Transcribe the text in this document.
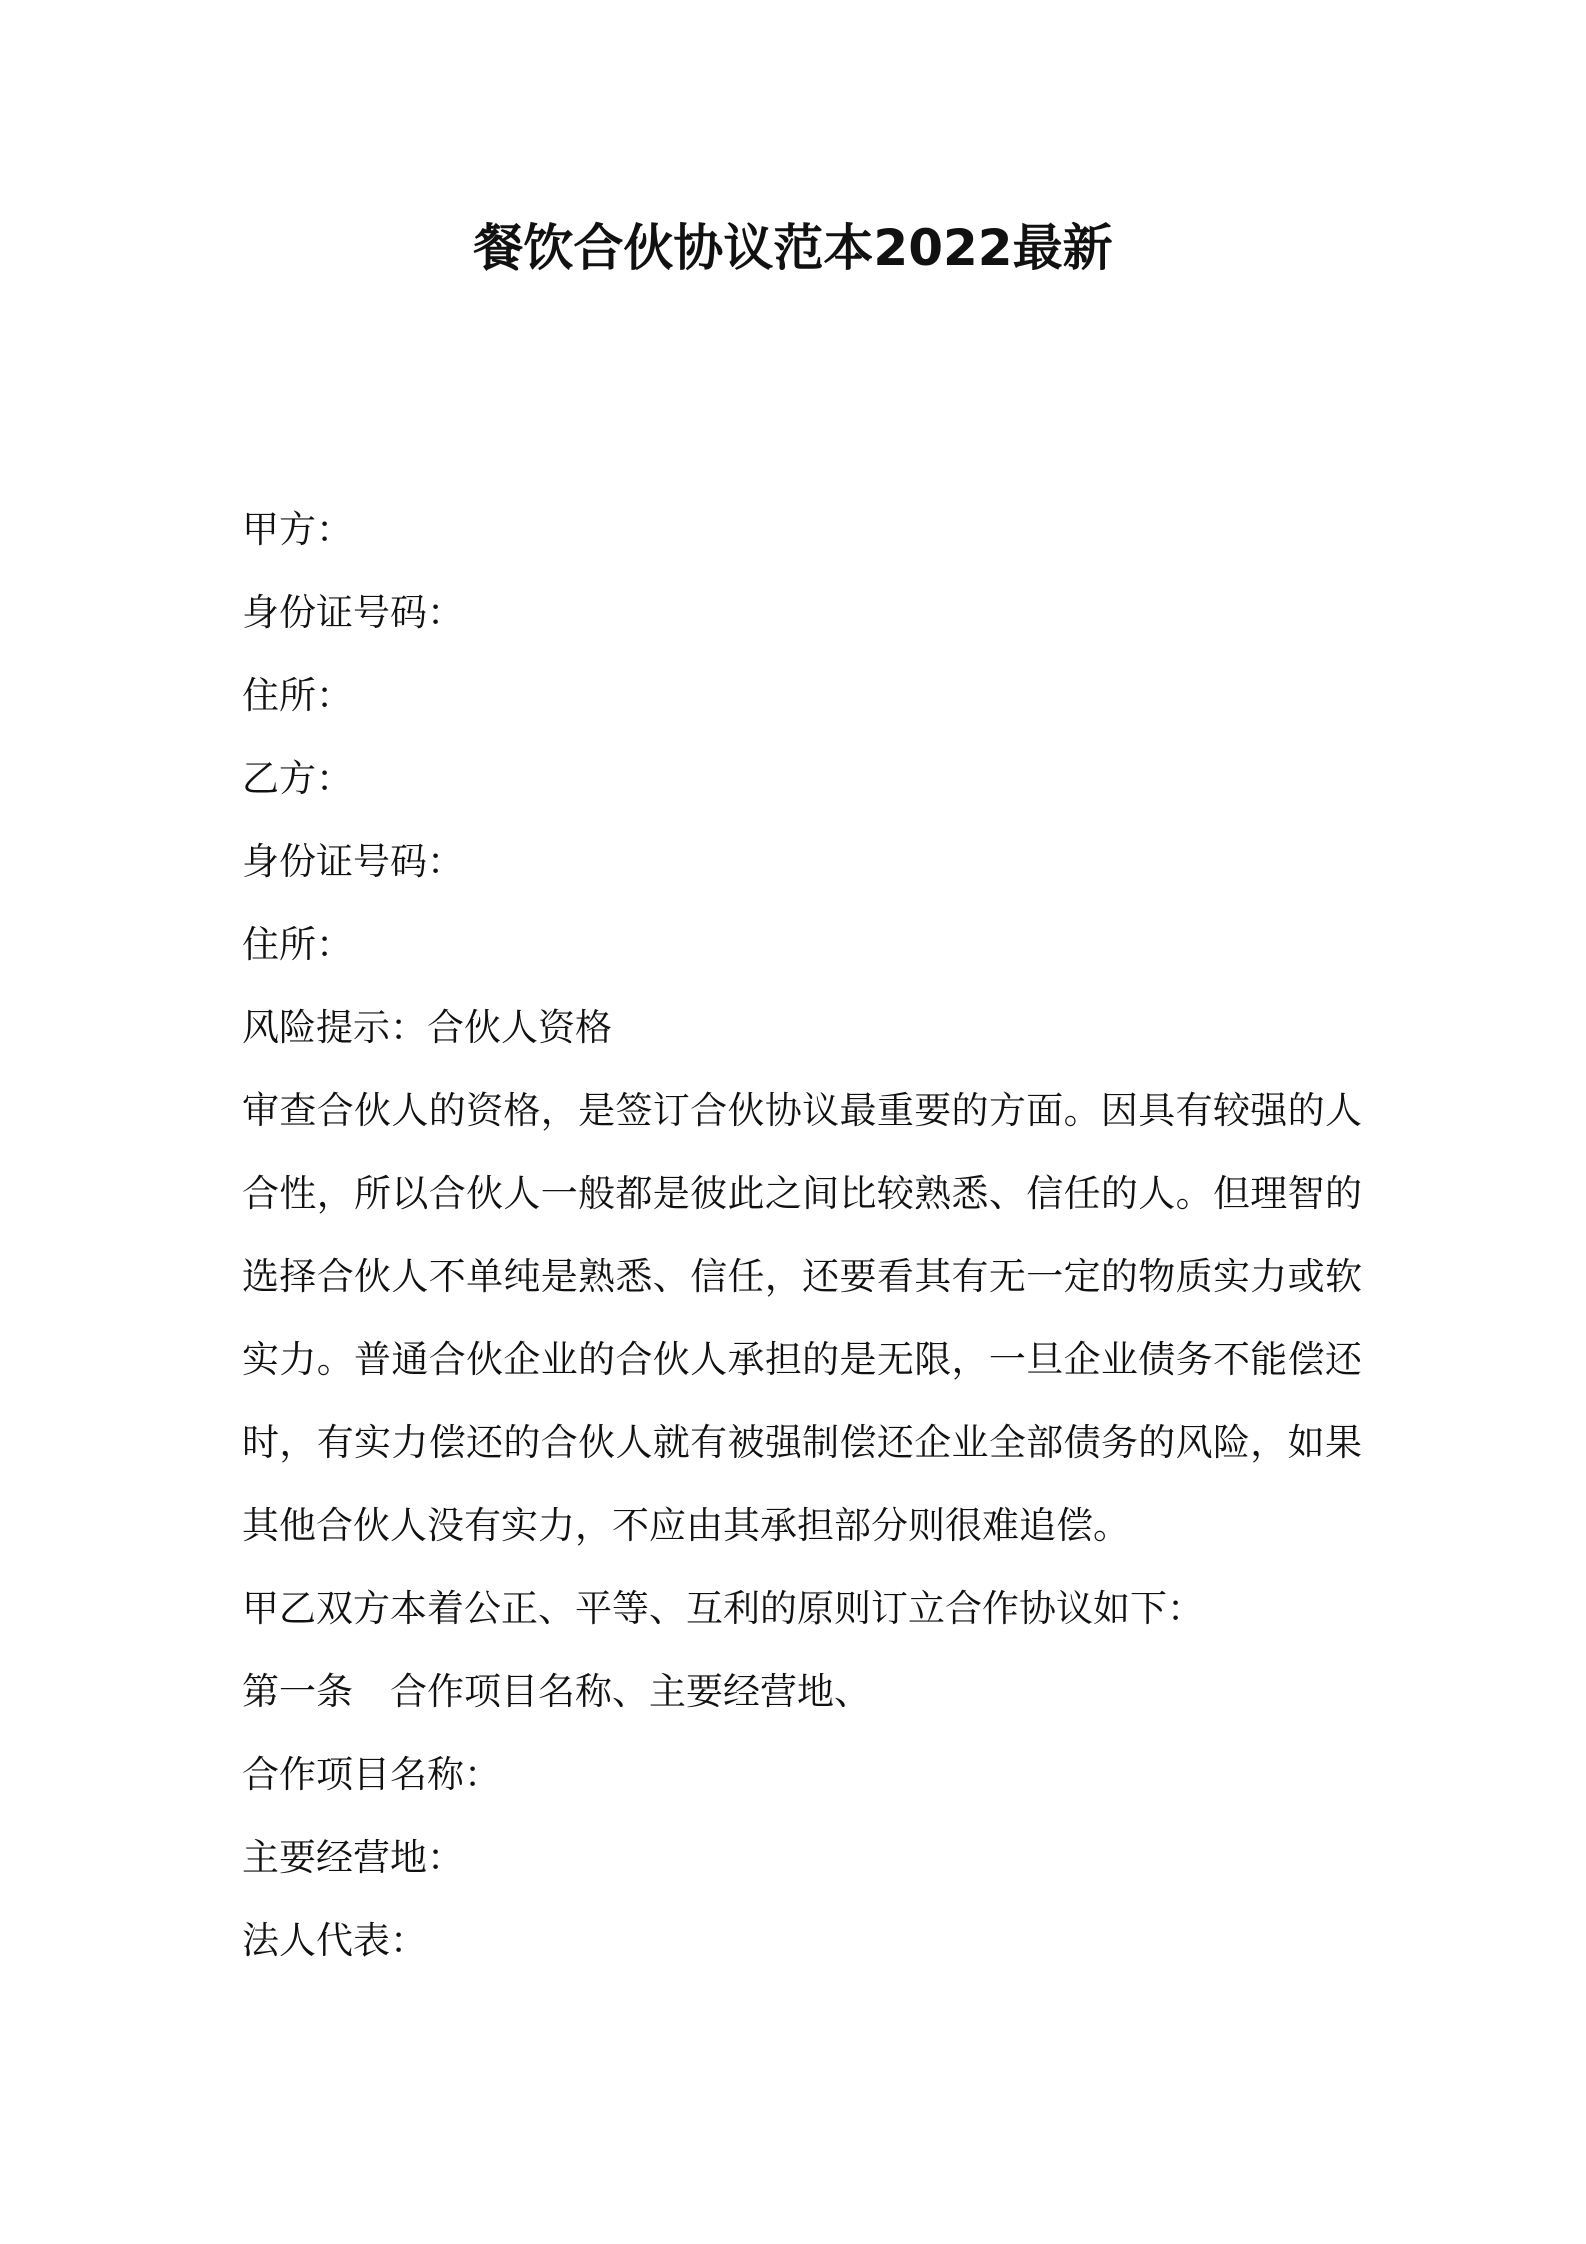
餐饮合伙协议范本2022最新

甲方：

身份证号码：

住所：

乙方：

身份证号码：

住所：

风险提示：合伙人资格

审查合伙人的资格，是签订合伙协议最重要的方面。因具有较强的人合性，所以合伙人一般都是彼此之间比较熟悉、信任的人。但理智的选择合伙人不单纯是熟悉、信任，还要看其有无一定的物质实力或软实力。普通合伙企业的合伙人承担的是无限，一旦企业债务不能偿还时，有实力偿还的合伙人就有被强制偿还企业全部债务的风险，如果其他合伙人没有实力，不应由其承担部分则很难追偿。

甲乙双方本着公正、平等、互利的原则订立合作协议如下：

第一条　合作项目名称、主要经营地、

合作项目名称：

主要经营地：

法人代表：
